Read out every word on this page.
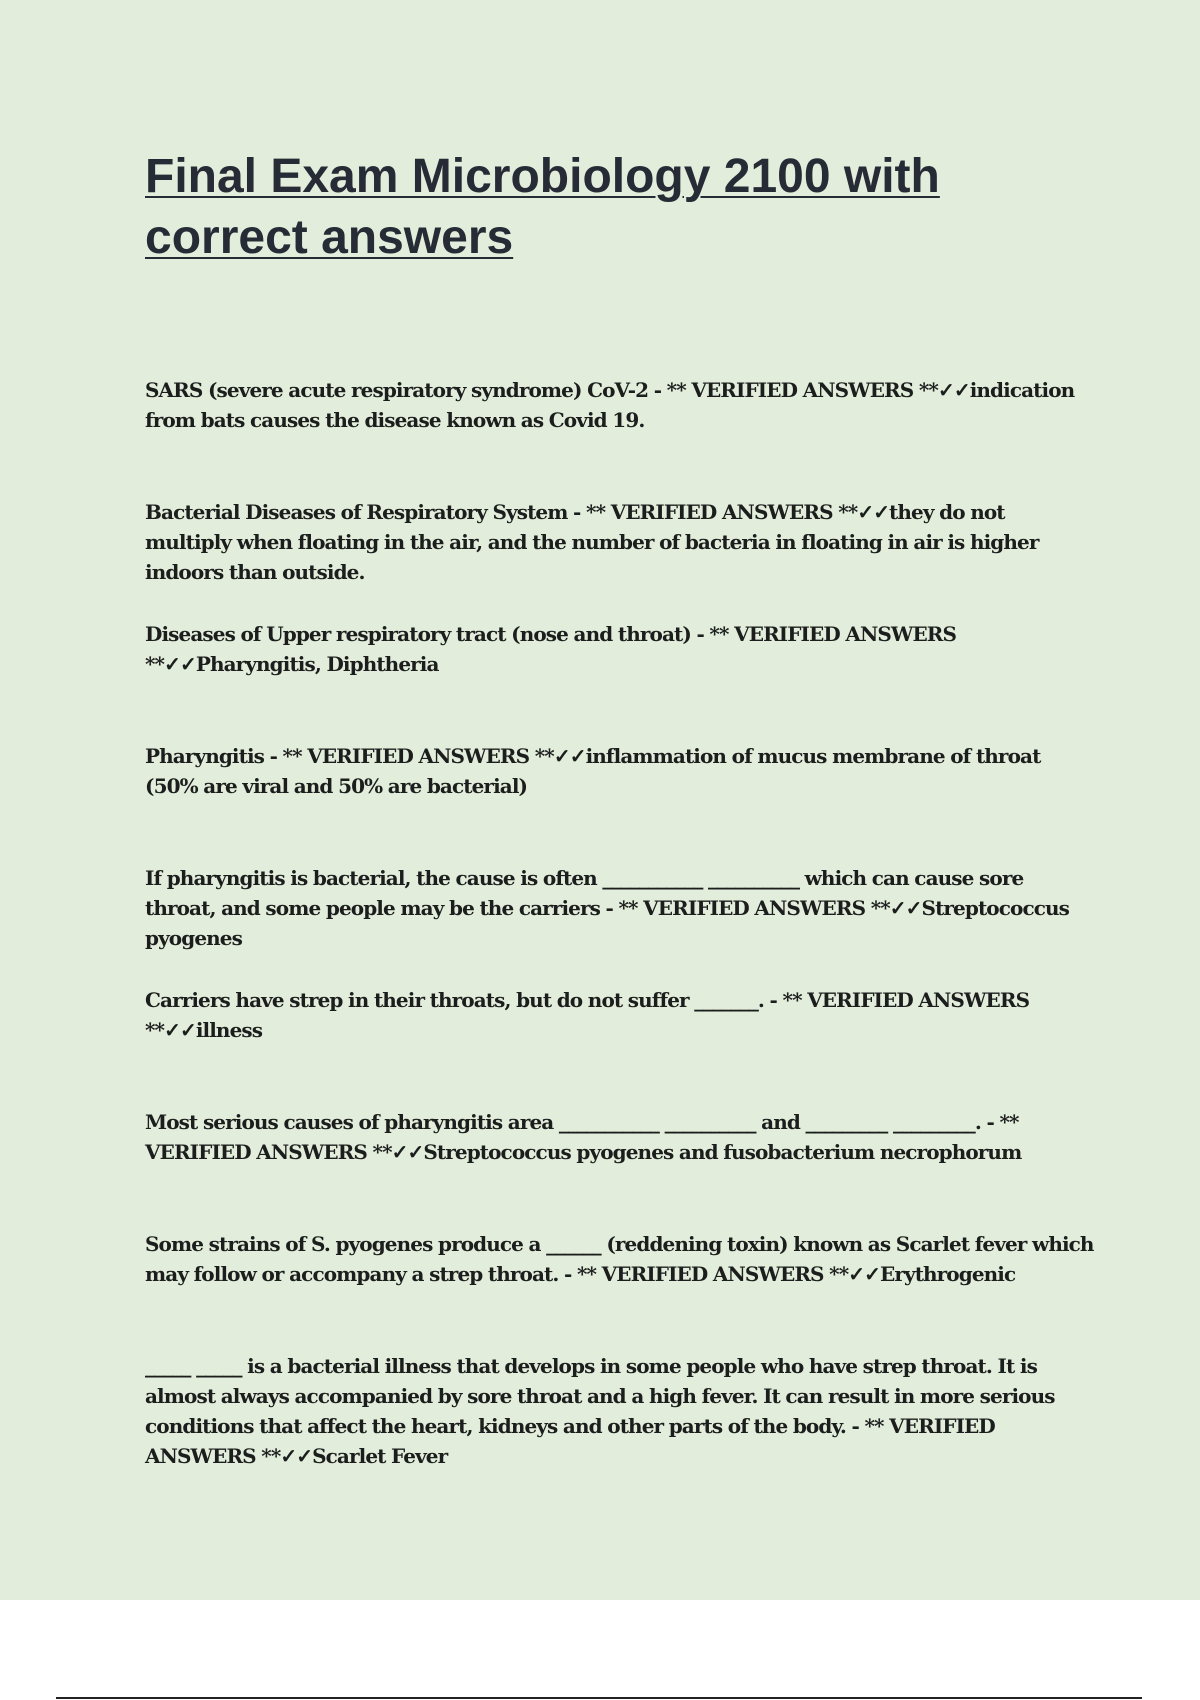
Final Exam Microbiology 2100 with correct answers
SARS (severe acute respiratory syndrome) CoV-2 - ** VERIFIED ANSWERS **✓✓indication from bats causes the disease known as Covid 19.
Bacterial Diseases of Respiratory System - ** VERIFIED ANSWERS **✓✓they do not multiply when floating in the air, and the number of bacteria in floating in air is higher indoors than outside.
Diseases of Upper respiratory tract (nose and throat) - ** VERIFIED ANSWERS **✓✓Pharyngitis, Diphtheria
Pharyngitis - ** VERIFIED ANSWERS **✓✓inflammation of mucus membrane of throat (50% are viral and 50% are bacterial)
If pharyngitis is bacterial, the cause is often ___________ __________ which can cause sore throat, and some people may be the carriers - ** VERIFIED ANSWERS **✓✓Streptococcus pyogenes
Carriers have strep in their throats, but do not suffer _______. - ** VERIFIED ANSWERS **✓✓illness
Most serious causes of pharyngitis area ___________ __________ and _________ _________. - ** VERIFIED ANSWERS **✓✓Streptococcus pyogenes and fusobacterium necrophorum
Some strains of S. pyogenes produce a ______ (reddening toxin) known as Scarlet fever which may follow or accompany a strep throat. - ** VERIFIED ANSWERS **✓✓Erythrogenic
_____ _____ is a bacterial illness that develops in some people who have strep throat. It is almost always accompanied by sore throat and a high fever. It can result in more serious conditions that affect the heart, kidneys and other parts of the body. - ** VERIFIED ANSWERS **✓✓Scarlet Fever
